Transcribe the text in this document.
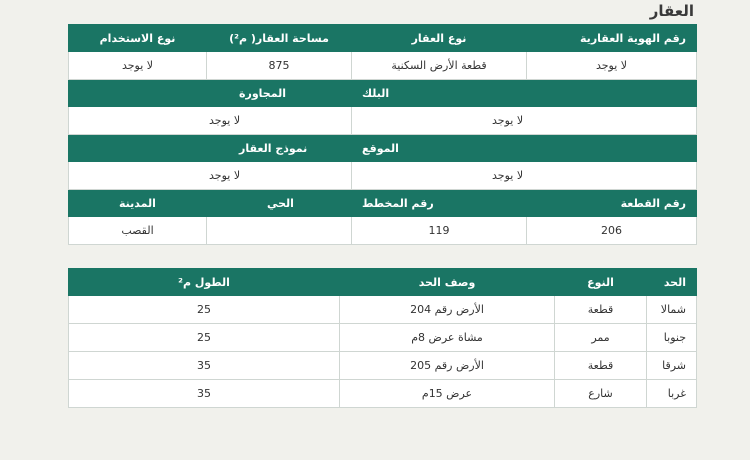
العقار
رقم الهوية العقارية	نوع العقار	مساحة العقار( م²)	نوع الاستخدام
لا يوجد	قطعة الأرض السكنية	875	لا يوجد
البلك		المجاورة	
لا يوجد		لا يوجد	
الموقع		نموذج العقار	
لا يوجد		لا يوجد	
رقم القطعة	رقم المخطط	الحي	المدينة
206	119		القصب
الحد	النوع	وصف الحد	الطول م²
شمالا	قطعة	الأرض رقم 204	25
جنوبا	ممر	مشاة عرض 8م	25
شرقا	قطعة	الأرض رقم 205	35
غربا	شارع	عرض 15م	35
